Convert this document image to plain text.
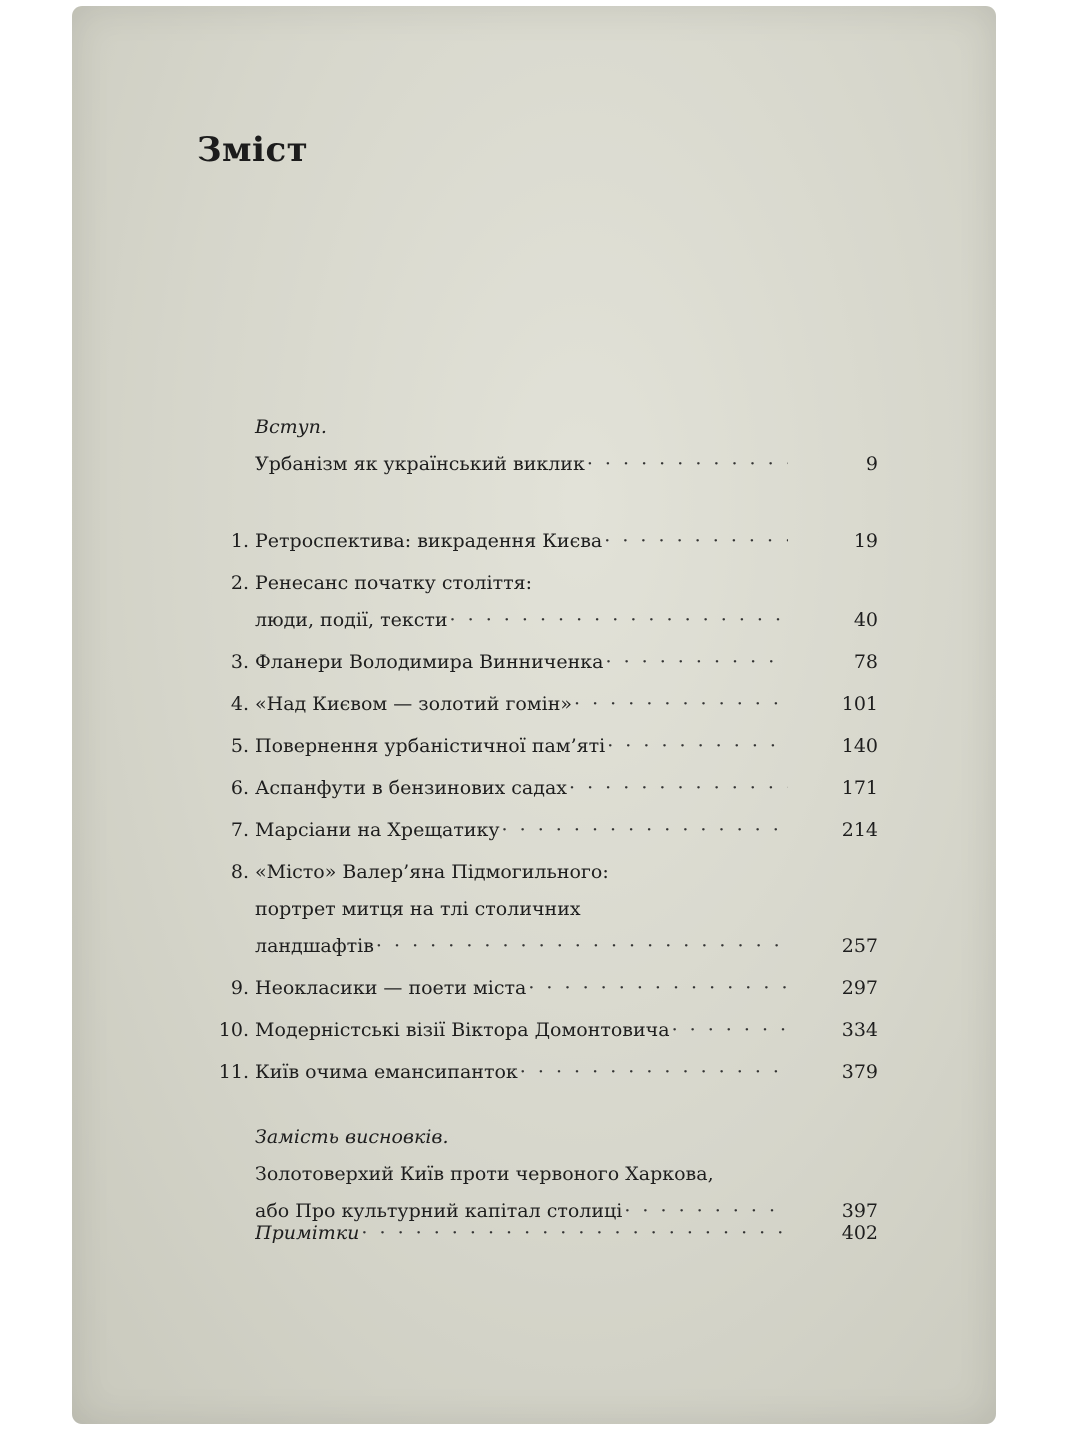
Зміст
Вступ.
Урбанізм як український виклик · · ·	9
1. Ретроспектива: викрадення Києва · · ·	19
2. Ренесанс початку століття:
люди, події, тексти · · ·	40
3. Фланери Володимира Винниченка · · ·	78
4. «Над Києвом — золотий гомін» · · ·	101
5. Повернення урбаністичної пам’яті · · ·	140
6. Аспанфути в бензинових садах · · ·	171
7. Марсіани на Хрещатику · · ·	214
8. «Місто» Валер’яна Підмогильного:
портрет митця на тлі столичних
ландшафтів · · ·	257
9. Неокласики — поети міста · · ·	297
10. Модерністські візії Віктора Домонтовича · · ·	334
11. Київ очима емансипанток · · ·	379
Замість висновків.
Золотоверхий Київ проти червоного Харкова,
або Про культурний капітал столиці · · ·	397
Примітки · · ·	402
